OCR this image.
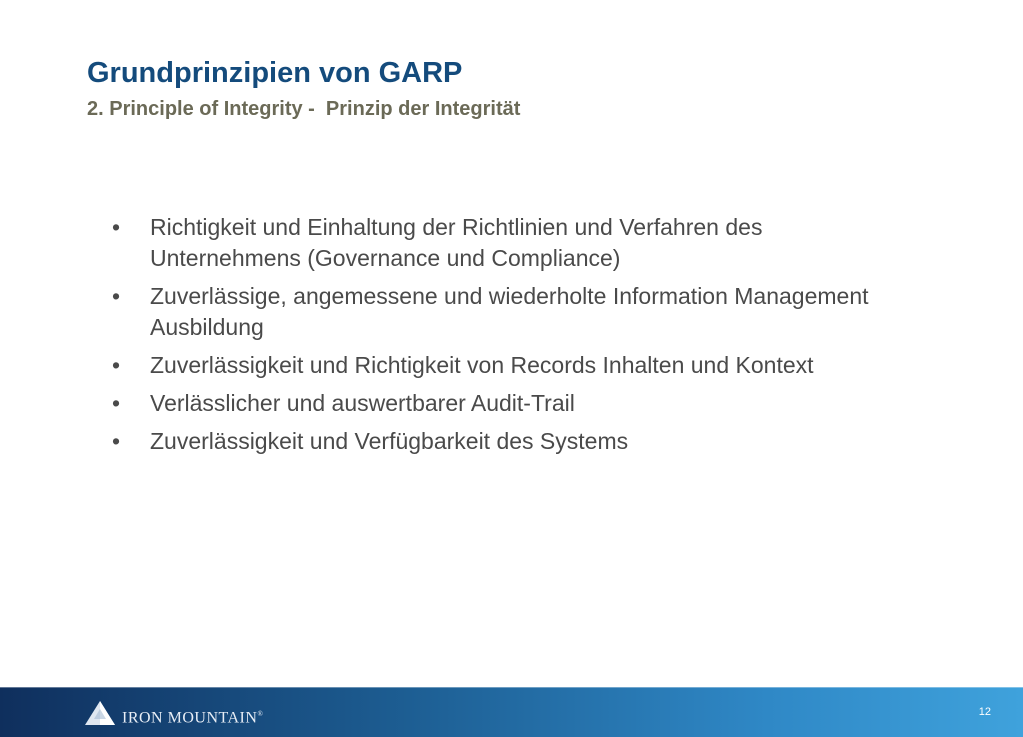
Grundprinzipien von GARP
2. Principle of Integrity -  Prinzip der Integrität
•	Richtigkeit und Einhaltung der Richtlinien und Verfahren des Unternehmens (Governance und Compliance)
•	Zuverlässige, angemessene und wiederholte Information Management Ausbildung
•	Zuverlässigkeit und Richtigkeit von Records Inhalten und Kontext
•	Verlässlicher und auswertbarer Audit-Trail
•	Zuverlässigkeit und Verfügbarkeit des Systems
IRON MOUNTAIN®	12
